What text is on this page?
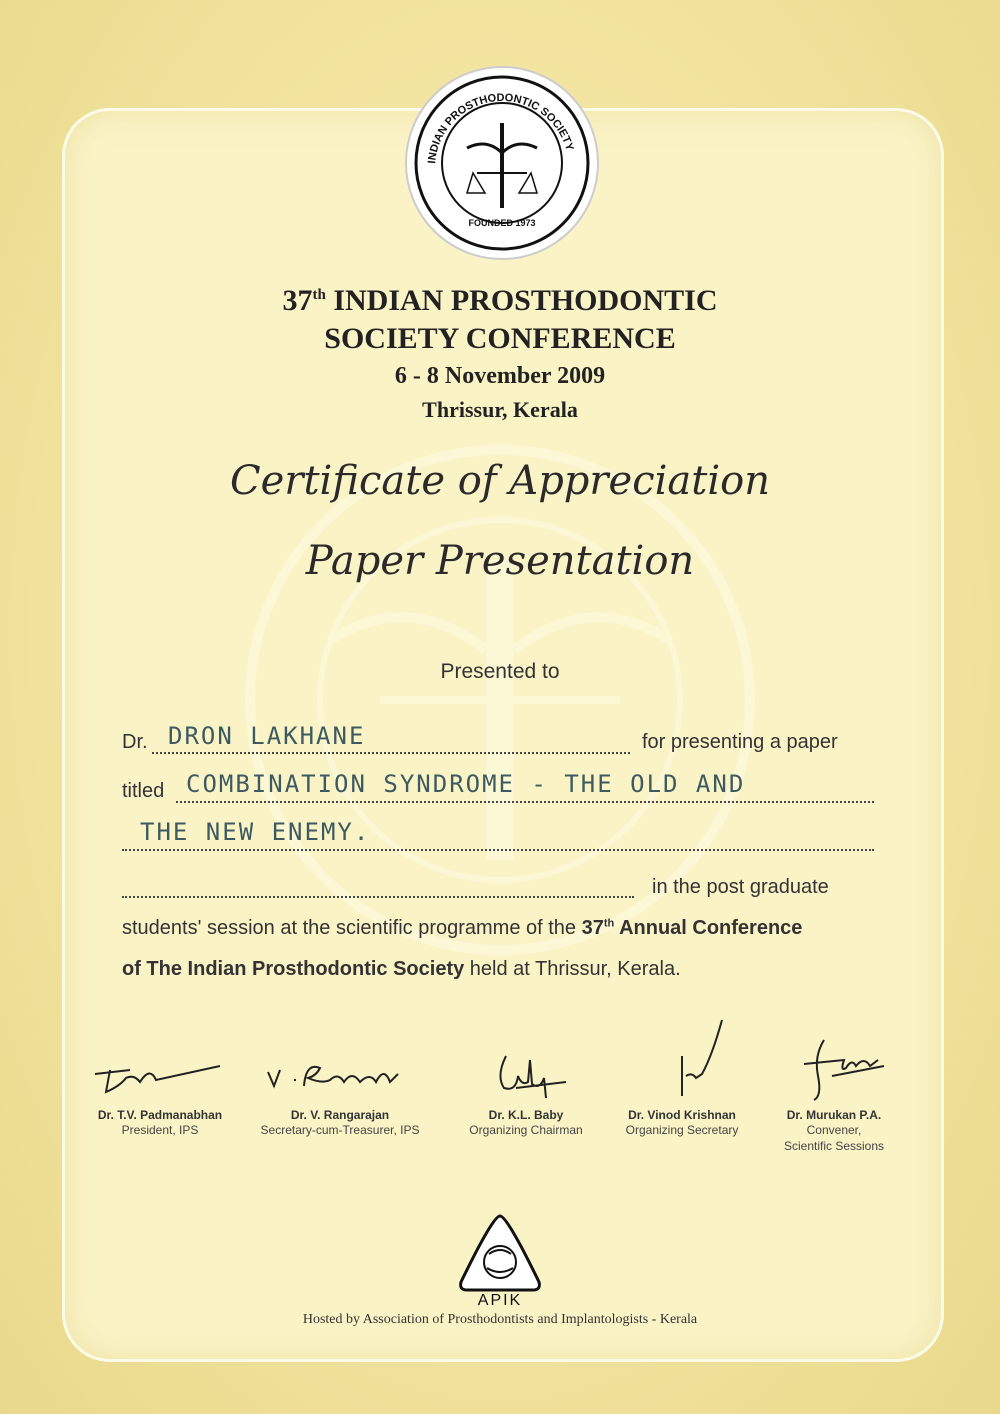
INDIAN PROSTHODONTIC SOCIETY
FOUNDED 1973
37th INDIAN PROSTHODONTIC
SOCIETY CONFERENCE
6 - 8 November 2009
Thrissur, Kerala
Certificate of Appreciation
Paper Presentation
Presented to
Dr. DRON LAKHANE	for presenting a paper
titled COMBINATION SYNDROME - THE OLD AND
THE NEW ENEMY.
in the post graduate
students' session at the scientific programme of the 37th Annual Conference
of The Indian Prosthodontic Society held at Thrissur, Kerala.
Dr. T.V. Padmanabhan
President, IPS
Dr. V. Rangarajan
Secretary-cum-Treasurer, IPS
Dr. K.L. Baby
Organizing Chairman
Dr. Vinod Krishnan
Organizing Secretary
Dr. Murukan P.A.
Convener,
Scientific Sessions
APIK
Hosted by Association of Prosthodontists and Implantologists - Kerala
